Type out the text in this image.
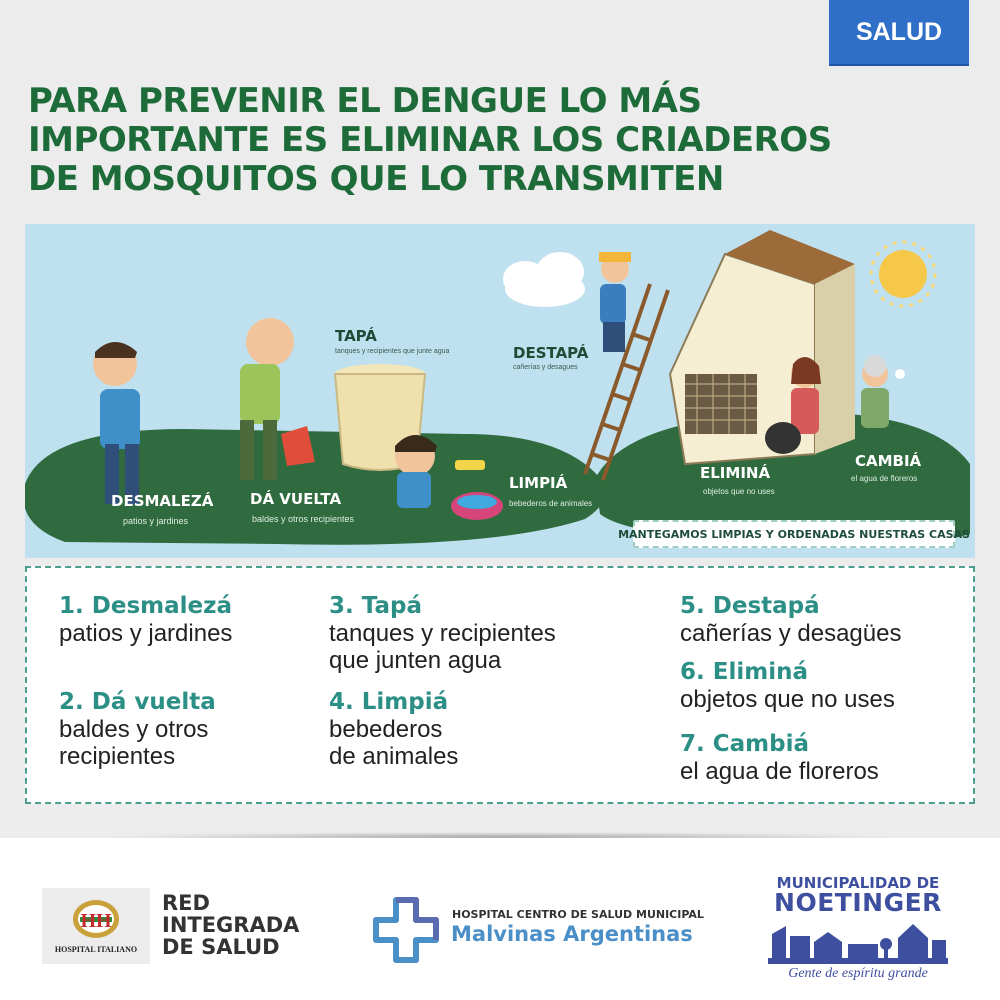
SALUD
PARA PREVENIR EL DENGUE LO MÁS
IMPORTANTE ES ELIMINAR LOS CRIADEROS
DE MOSQUITOS QUE LO TRANSMITEN
DESMALEZÁ
patios y jardines
DÁ VUELTA
baldes y otros recipientes
TAPÁ
tanques y recipientes que junte agua
LIMPIÁ
bebederos de animales
DESTAPÁ
cañerías y desagues
ELIMINÁ
objetos que no uses
CAMBIÁ
el agua de floreros
MANTEGAMOS LIMPIAS Y ORDENADAS NUESTRAS CASAS
1. Desmalezá
patios y jardines
2. Dá vuelta
baldes y otros
recipientes
3. Tapá
tanques y recipientes
que junten agua
4. Limpiá
bebederos
de animales
5. Destapá
cañerías y desagües
6. Eliminá
objetos que no uses
7. Cambiá
el agua de floreros
HH
HOSPITAL ITALIANO
RED
INTEGRADA
DE SALUD
HOSPITAL CENTRO DE SALUD MUNICIPAL
Malvinas Argentinas
MUNICIPALIDAD DE
NOETINGER
Gente de espíritu grande
